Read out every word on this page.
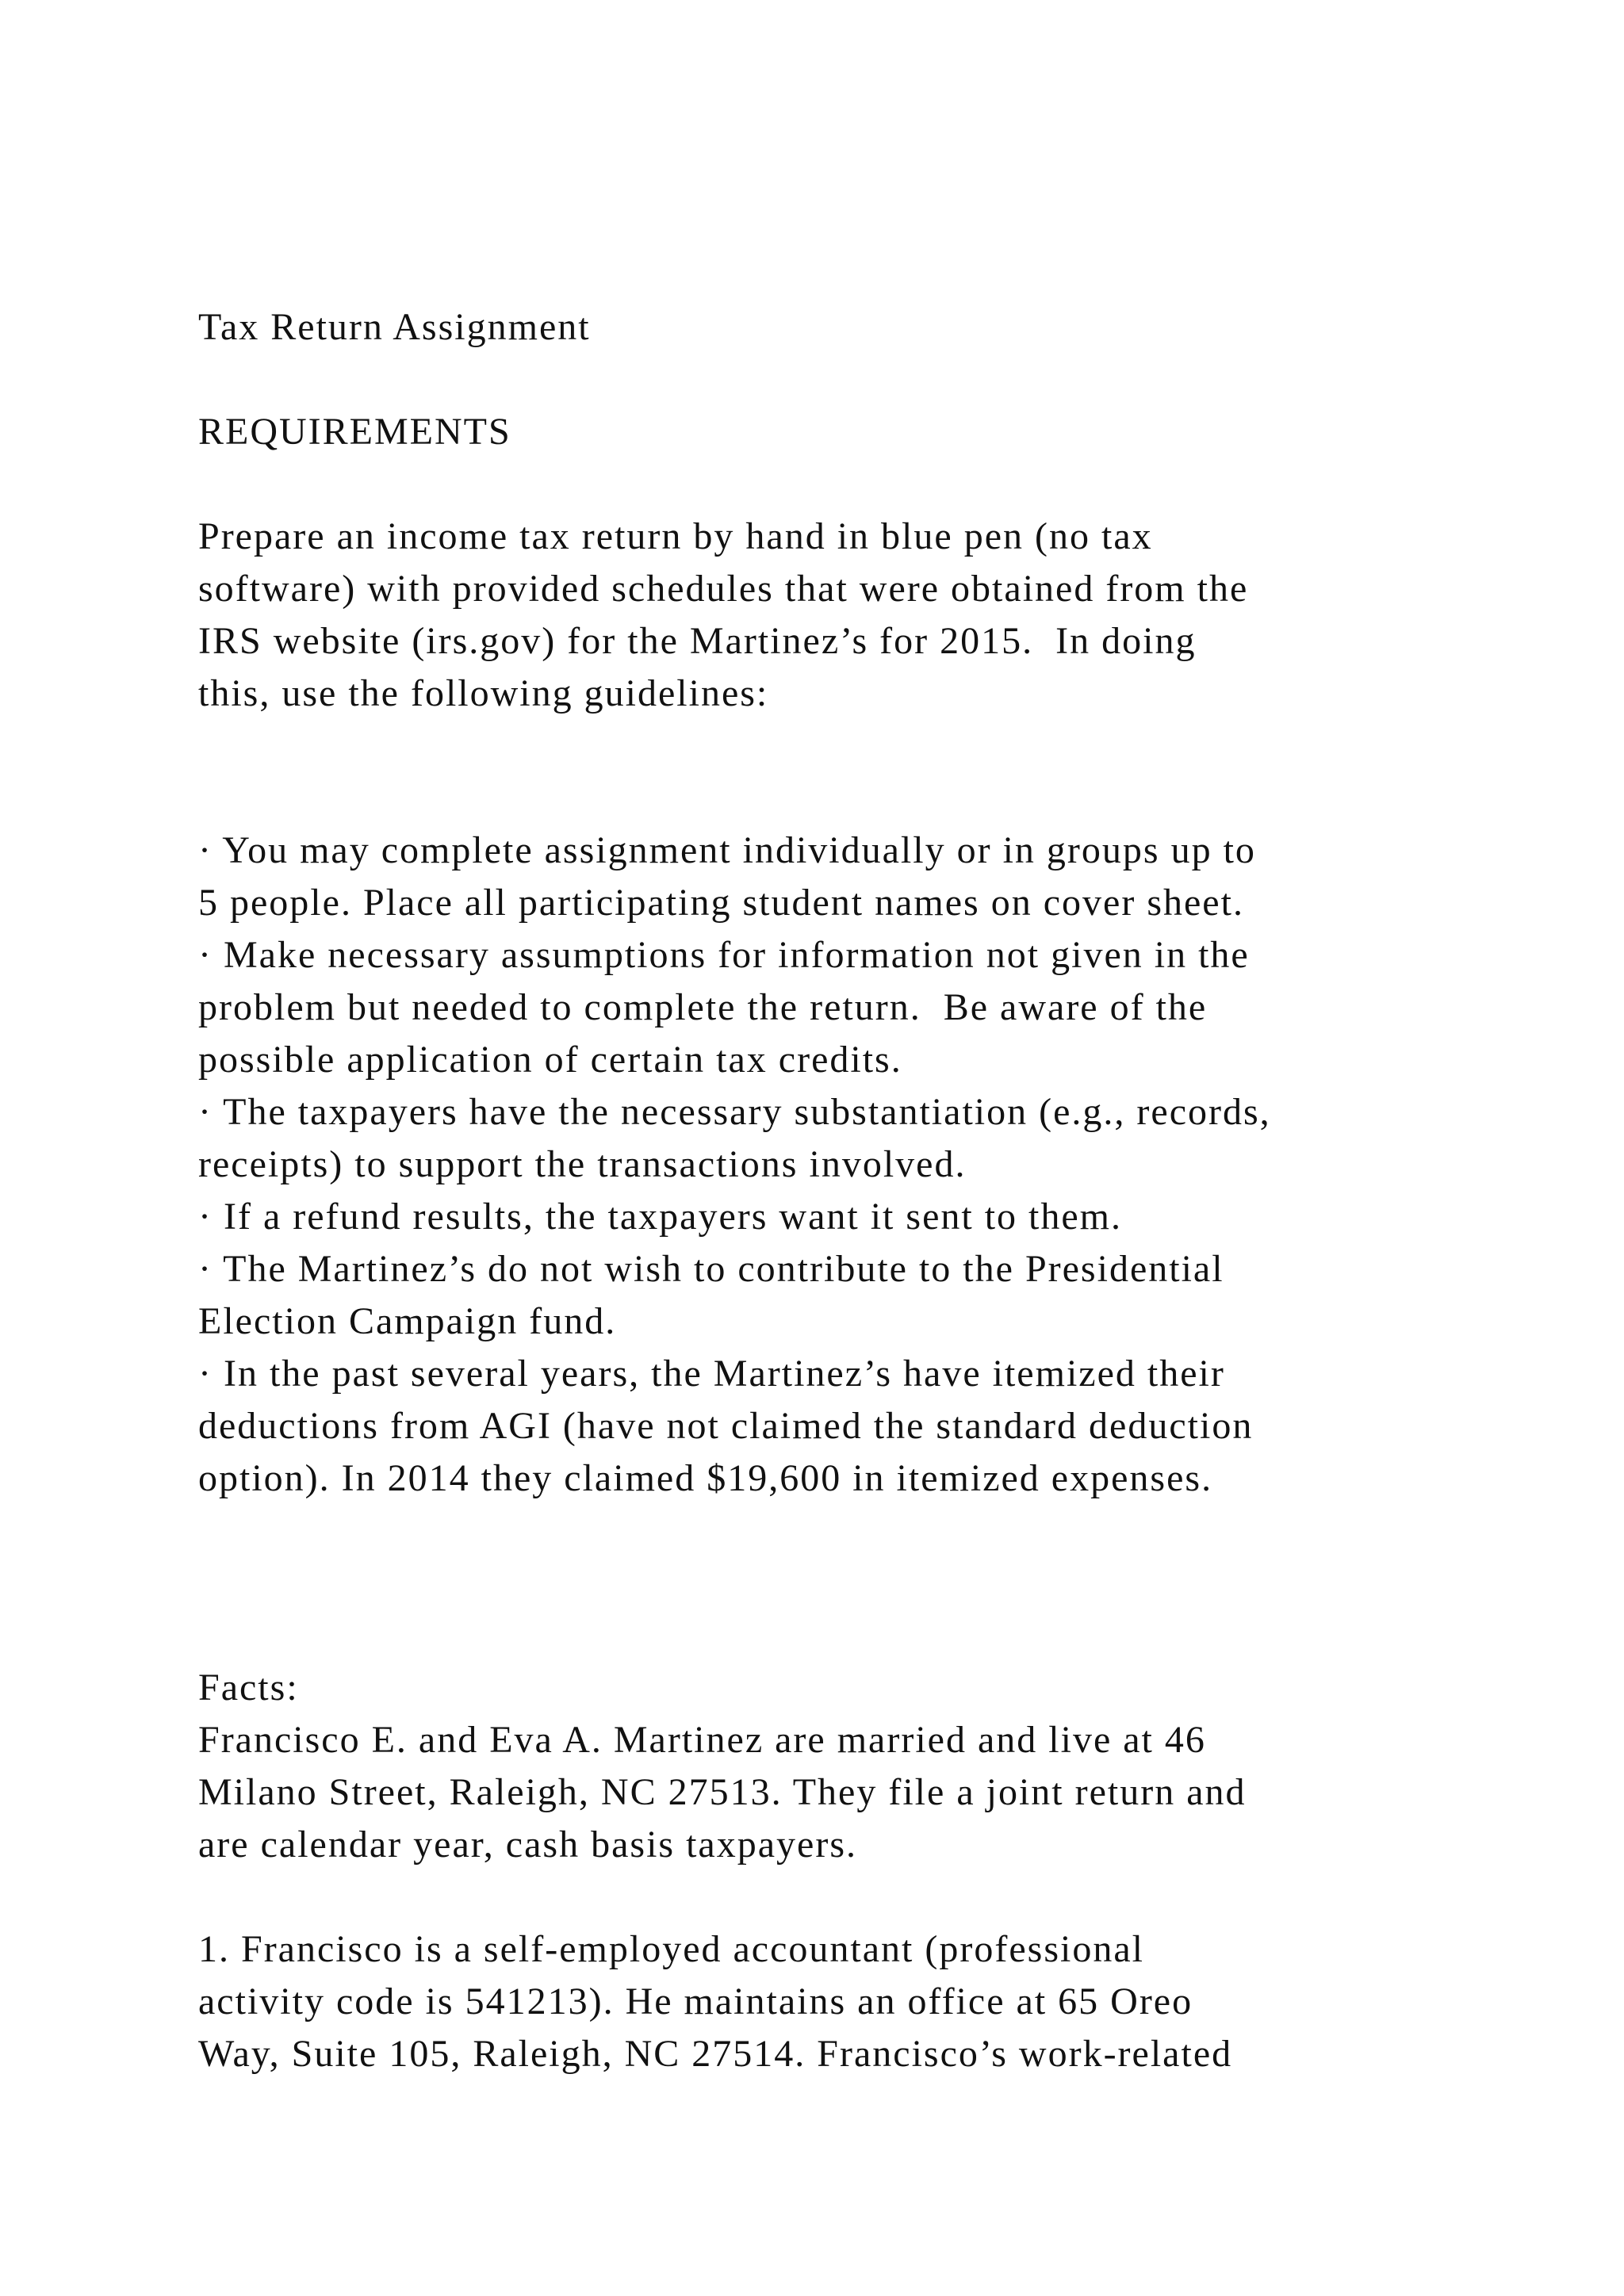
Tax Return Assignment
REQUIREMENTS
Prepare an income tax return by hand in blue pen (no tax
software) with provided schedules that were obtained from the
IRS website (irs.gov) for the Martinez’s for 2015.  In doing
this, use the following guidelines:
· You may complete assignment individually or in groups up to
5 people. Place all participating student names on cover sheet.
· Make necessary assumptions for information not given in the
problem but needed to complete the return.  Be aware of the
possible application of certain tax credits.
· The taxpayers have the necessary substantiation (e.g., records,
receipts) to support the transactions involved.
· If a refund results, the taxpayers want it sent to them.
· The Martinez’s do not wish to contribute to the Presidential
Election Campaign fund.
· In the past several years, the Martinez’s have itemized their
deductions from AGI (have not claimed the standard deduction
option). In 2014 they claimed $19,600 in itemized expenses.
Facts:
Francisco E. and Eva A. Martinez are married and live at 46
Milano Street, Raleigh, NC 27513. They file a joint return and
are calendar year, cash basis taxpayers.
1. Francisco is a self-employed accountant (professional
activity code is 541213). He maintains an office at 65 Oreo
Way, Suite 105, Raleigh, NC 27514. Francisco’s work-related
